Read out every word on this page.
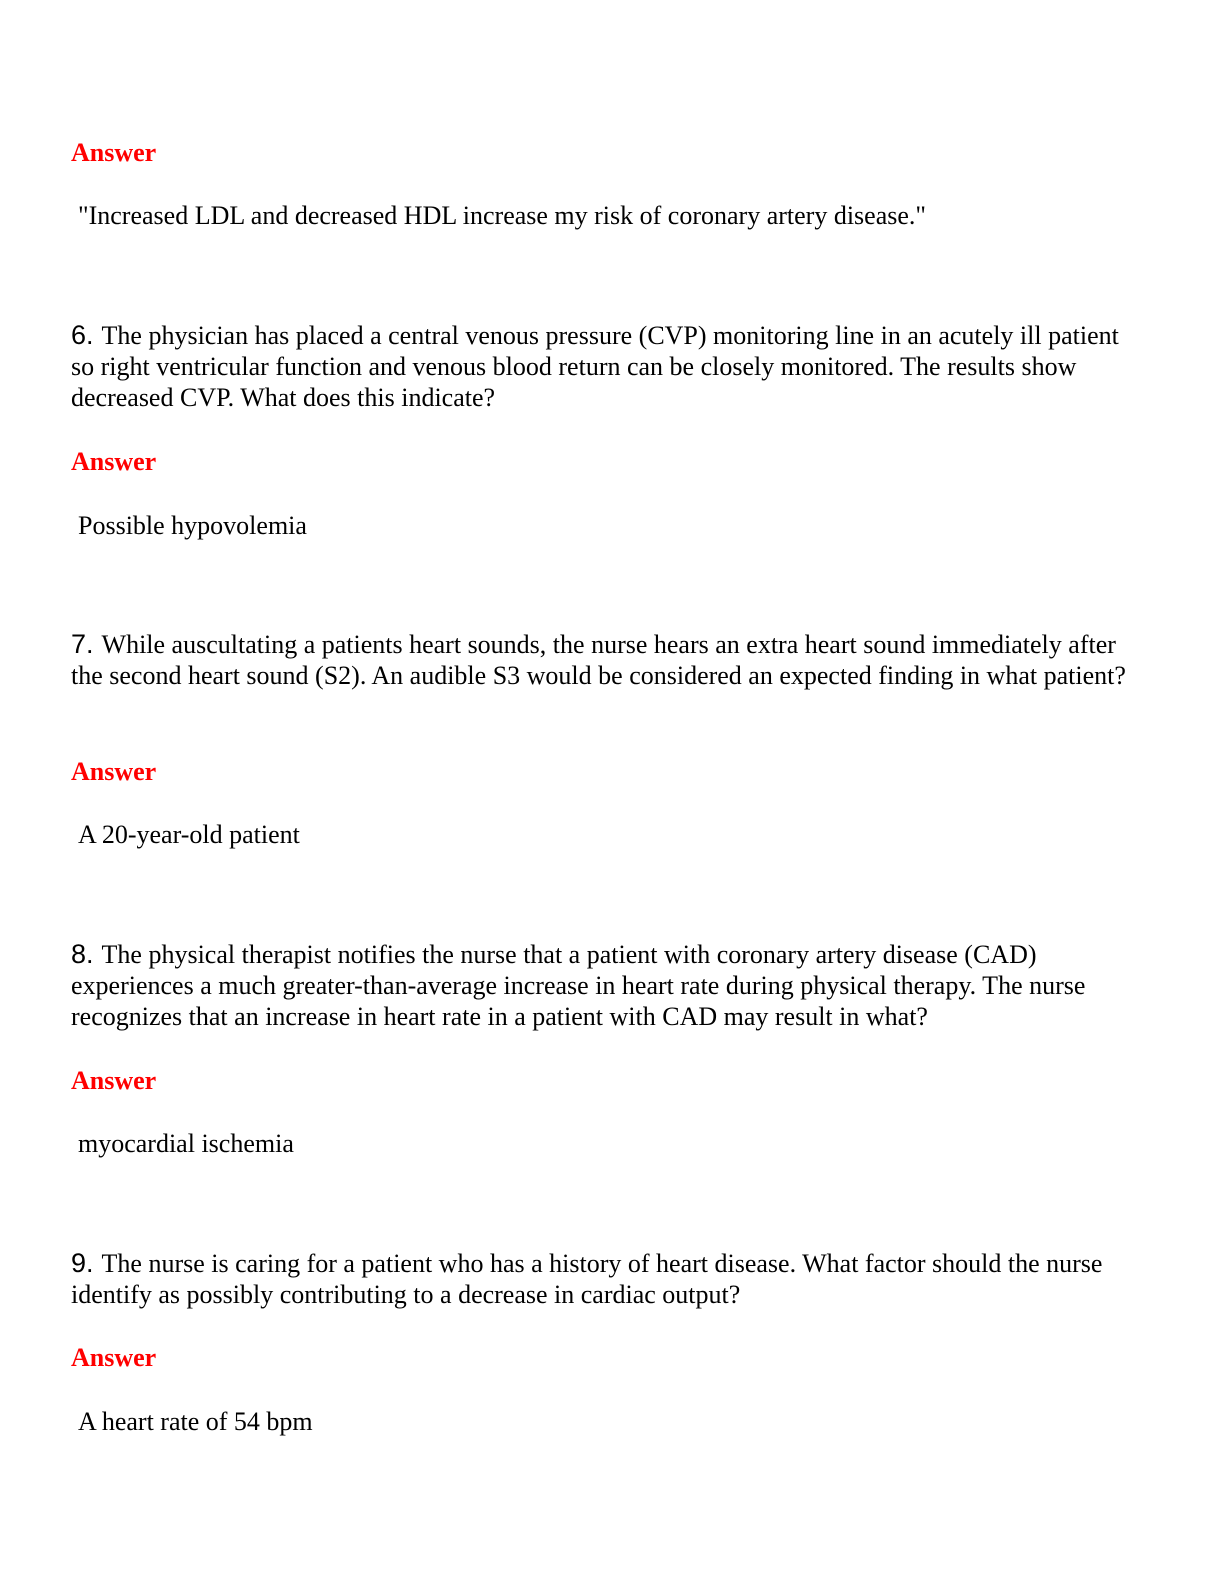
Answer
"Increased LDL and decreased HDL increase my risk of coronary artery disease."
6. The physician has placed a central venous pressure (CVP) monitoring line in an acutely ill patient so right ventricular function and venous blood return can be closely monitored. The results show decreased CVP. What does this indicate?
Answer
Possible hypovolemia
7. While auscultating a patients heart sounds, the nurse hears an extra heart sound immediately after the second heart sound (S2). An audible S3 would be considered an expected finding in what patient?
Answer
A 20-year-old patient
8. The physical therapist notifies the nurse that a patient with coronary artery disease (CAD) experiences a much greater-than-average increase in heart rate during physical therapy. The nurse recognizes that an increase in heart rate in a patient with CAD may result in what?
Answer
myocardial ischemia
9. The nurse is caring for a patient who has a history of heart disease. What factor should the nurse identify as possibly contributing to a decrease in cardiac output?
Answer
A heart rate of 54 bpm
